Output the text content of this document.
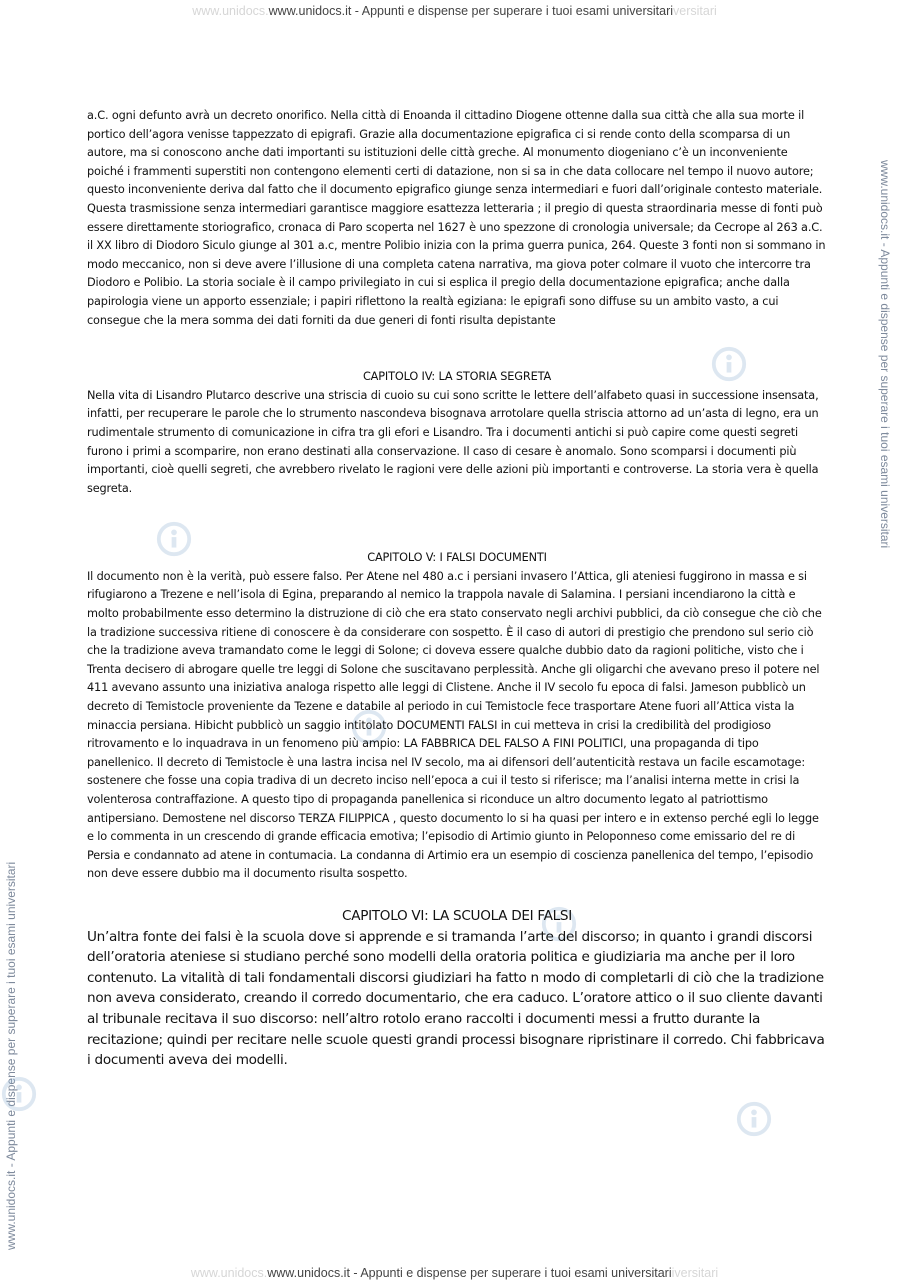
www.unidocs.www.unidocs.it - Appunti e dispense per superare i tuoi esami universitariversitari
www.unidocs.it - Appunti e dispense per superare i tuoi esami universitari
www.unidocs.it - Appunti e dispense per superare i tuoi esami universitari

a.C. ogni defunto avrà un decreto onorifico. Nella città di Enoanda il cittadino Diogene ottenne dalla sua città che alla sua morte il portico dell’agora venisse tappezzato di epigrafi. Grazie alla documentazione epigrafica ci si rende conto della scomparsa di un autore, ma si conoscono anche dati importanti su istituzioni delle città greche. Al monumento diogeniano c’è un inconveniente poiché i frammenti superstiti non contengono elementi certi di datazione, non si sa in che data collocare nel tempo il nuovo autore; questo inconveniente deriva dal fatto che il documento epigrafico giunge senza intermediari e fuori dall’originale contesto materiale. Questa trasmissione senza intermediari garantisce maggiore esattezza letteraria ; il pregio di questa straordinaria messe di fonti può essere direttamente storiografico, cronaca di Paro scoperta nel 1627 è uno spezzone di cronologia universale; da Cecrope al 263 a.C. il XX libro di Diodoro Siculo giunge al 301 a.c, mentre Polibio inizia con la prima guerra punica, 264. Queste 3 fonti non si sommano in modo meccanico, non si deve avere l’illusione di una completa catena narrativa, ma giova poter colmare il vuoto che intercorre tra Diodoro e Polibio. La storia sociale è il campo privilegiato in cui si esplica il pregio della documentazione epigrafica; anche dalla papirologia viene un apporto essenziale; i papiri riflettono la realtà egiziana: le epigrafi sono diffuse su un ambito vasto, a cui consegue che la mera somma dei dati forniti da due generi di fonti risulta depistante

CAPITOLO IV: LA STORIA SEGRETA

Nella vita di Lisandro Plutarco descrive una striscia di cuoio su cui sono scritte le lettere dell’alfabeto quasi in successione insensata, infatti, per recuperare le parole che lo strumento nascondeva bisognava arrotolare quella striscia attorno ad un’asta di legno, era un rudimentale strumento di comunicazione in cifra tra gli efori e Lisandro. Tra i documenti antichi si può capire come questi segreti furono i primi a scomparire, non erano destinati alla conservazione. Il caso di cesare è anomalo. Sono scomparsi i documenti più importanti, cioè quelli segreti, che avrebbero rivelato le ragioni vere delle azioni più importanti e controverse. La storia vera è quella segreta.

CAPITOLO V: I FALSI DOCUMENTI

Il documento non è la verità, può essere falso. Per Atene nel 480 a.c i persiani invasero l’Attica, gli ateniesi fuggirono in massa e si rifugiarono a Trezene e nell’isola di Egina, preparando al nemico la trappola navale di Salamina. I persiani incendiarono la città e molto probabilmente esso determino la distruzione di ciò che era stato conservato negli archivi pubblici, da ciò consegue che ciò che la tradizione successiva ritiene di conoscere è da considerare con sospetto. È il caso di autori di prestigio che prendono sul serio ciò che la tradizione aveva tramandato come le leggi di Solone; ci doveva essere qualche dubbio dato da ragioni politiche, visto che i Trenta decisero di abrogare quelle tre leggi di Solone che suscitavano perplessità. Anche gli oligarchi che avevano preso il potere nel 411 avevano assunto una iniziativa analoga rispetto alle leggi di Clistene. Anche il IV secolo fu epoca di falsi. Jameson pubblicò un decreto di Temistocle proveniente da Tezene e databile al periodo in cui Temistocle fece trasportare Atene fuori all’Attica vista la minaccia persiana. Hibicht pubblicò un saggio intitolato DOCUMENTI FALSI in cui metteva in crisi la credibilità del prodigioso ritrovamento e lo inquadrava in un fenomeno più ampio: LA FABBRICA DEL FALSO A FINI POLITICI, una propaganda di tipo panellenico. Il decreto di Temistocle è una lastra incisa nel IV secolo, ma ai difensori dell’autenticità restava un facile escamotage: sostenere che fosse una copia tradiva di un decreto inciso nell’epoca a cui il testo si riferisce; ma l’analisi interna mette in crisi la volenterosa contraffazione. A questo tipo di propaganda panellenica si riconduce un altro documento legato al patriottismo antipersiano. Demostene nel discorso TERZA FILIPPICA , questo documento lo si ha quasi per intero e in extenso perché egli lo legge e lo commenta in un crescendo di grande efficacia emotiva; l’episodio di Artimio giunto in Peloponneso come emissario del re di Persia e condannato ad atene in contumacia. La condanna di Artimio era un esempio di coscienza panellenica del tempo, l’episodio non deve essere dubbio ma il documento risulta sospetto.

CAPITOLO VI: LA SCUOLA DEI FALSI

Un’altra fonte dei falsi è la scuola dove si apprende e si tramanda l’arte del discorso; in quanto i grandi discorsi dell’oratoria ateniese si studiano perché sono modelli della oratoria politica e giudiziaria ma anche per il loro contenuto. La vitalità di tali fondamentali discorsi giudiziari ha fatto n modo di completarli di ciò che la tradizione non aveva considerato, creando il corredo documentario, che era caduco. L’oratore attico o il suo cliente davanti al tribunale recitava il suo discorso: nell’altro rotolo erano raccolti i documenti messi a frutto durante la recitazione; quindi per recitare nelle scuole questi grandi processi bisognare ripristinare il corredo. Chi fabbricava i documenti aveva dei modelli.

www.unidocs.www.unidocs.it - Appunti e dispense per superare i tuoi esami universitariiversitari
